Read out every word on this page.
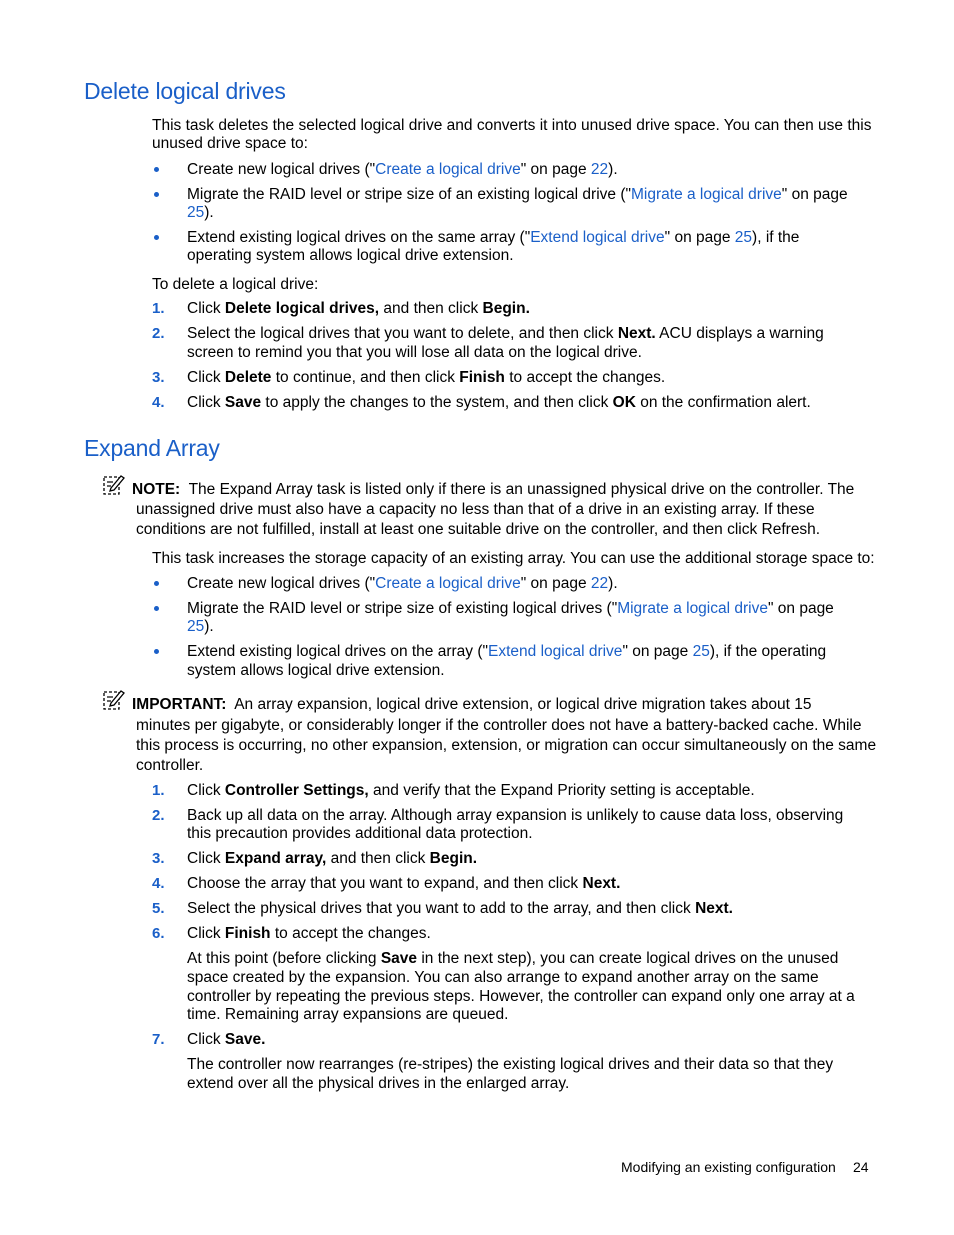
Delete logical drives
This task deletes the selected logical drive and converts it into unused drive space. You can then use this
unused drive space to:
Create new logical drives ("Create a logical drive" on page 22).
Migrate the RAID level or stripe size of an existing logical drive ("Migrate a logical drive" on page
25).
Extend existing logical drives on the same array ("Extend logical drive" on page 25), if the
operating system allows logical drive extension.
To delete a logical drive:
1. Click Delete logical drives, and then click Begin.
2. Select the logical drives that you want to delete, and then click Next. ACU displays a warning
screen to remind you that you will lose all data on the logical drive.
3. Click Delete to continue, and then click Finish to accept the changes.
4. Click Save to apply the changes to the system, and then click OK on the confirmation alert.
Expand Array
NOTE: The Expand Array task is listed only if there is an unassigned physical drive on the controller. The
unassigned drive must also have a capacity no less than that of a drive in an existing array. If these
conditions are not fulfilled, install at least one suitable drive on the controller, and then click Refresh.
This task increases the storage capacity of an existing array. You can use the additional storage space to:
Create new logical drives ("Create a logical drive" on page 22).
Migrate the RAID level or stripe size of existing logical drives ("Migrate a logical drive" on page
25).
Extend existing logical drives on the array ("Extend logical drive" on page 25), if the operating
system allows logical drive extension.
IMPORTANT: An array expansion, logical drive extension, or logical drive migration takes about 15
minutes per gigabyte, or considerably longer if the controller does not have a battery-backed cache. While
this process is occurring, no other expansion, extension, or migration can occur simultaneously on the same
controller.
1. Click Controller Settings, and verify that the Expand Priority setting is acceptable.
2. Back up all data on the array. Although array expansion is unlikely to cause data loss, observing
this precaution provides additional data protection.
3. Click Expand array, and then click Begin.
4. Choose the array that you want to expand, and then click Next.
5. Select the physical drives that you want to add to the array, and then click Next.
6. Click Finish to accept the changes.
At this point (before clicking Save in the next step), you can create logical drives on the unused
space created by the expansion. You can also arrange to expand another array on the same
controller by repeating the previous steps. However, the controller can expand only one array at a
time. Remaining array expansions are queued.
7. Click Save.
The controller now rearranges (re-stripes) the existing logical drives and their data so that they
extend over all the physical drives in the enlarged array.
Modifying an existing configuration 24
